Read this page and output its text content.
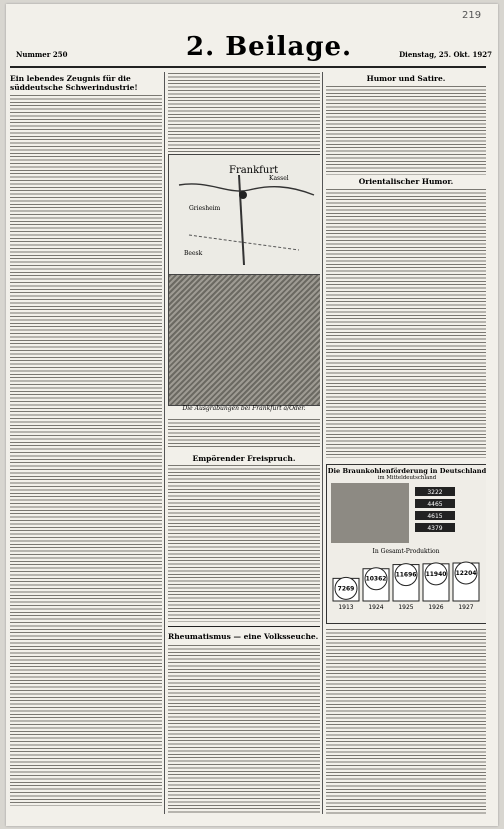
219
Nummer 250	2. Beilage.	Dienstag, 25. Okt. 1927
Ein lebendes Zeugnis für die süddeutsche Schwerindustrie!
Frankfurt
Griesheim
Kassel
Beesk
Die Ausgrabungen bei Frankfurt a/Oder.
Empörender Freispruch.
Rheumatismus — eine Volksseuche.
Humor und Satire.
Orientalischer Humor.
Die Braunkohlenförderung in Deutschland
im Mitteldeutschland
3222
4465
4615
4379
In Gesamt-Produktion
7269
1913
10362
1924
11696
1925
11940
1926
12204
1927
